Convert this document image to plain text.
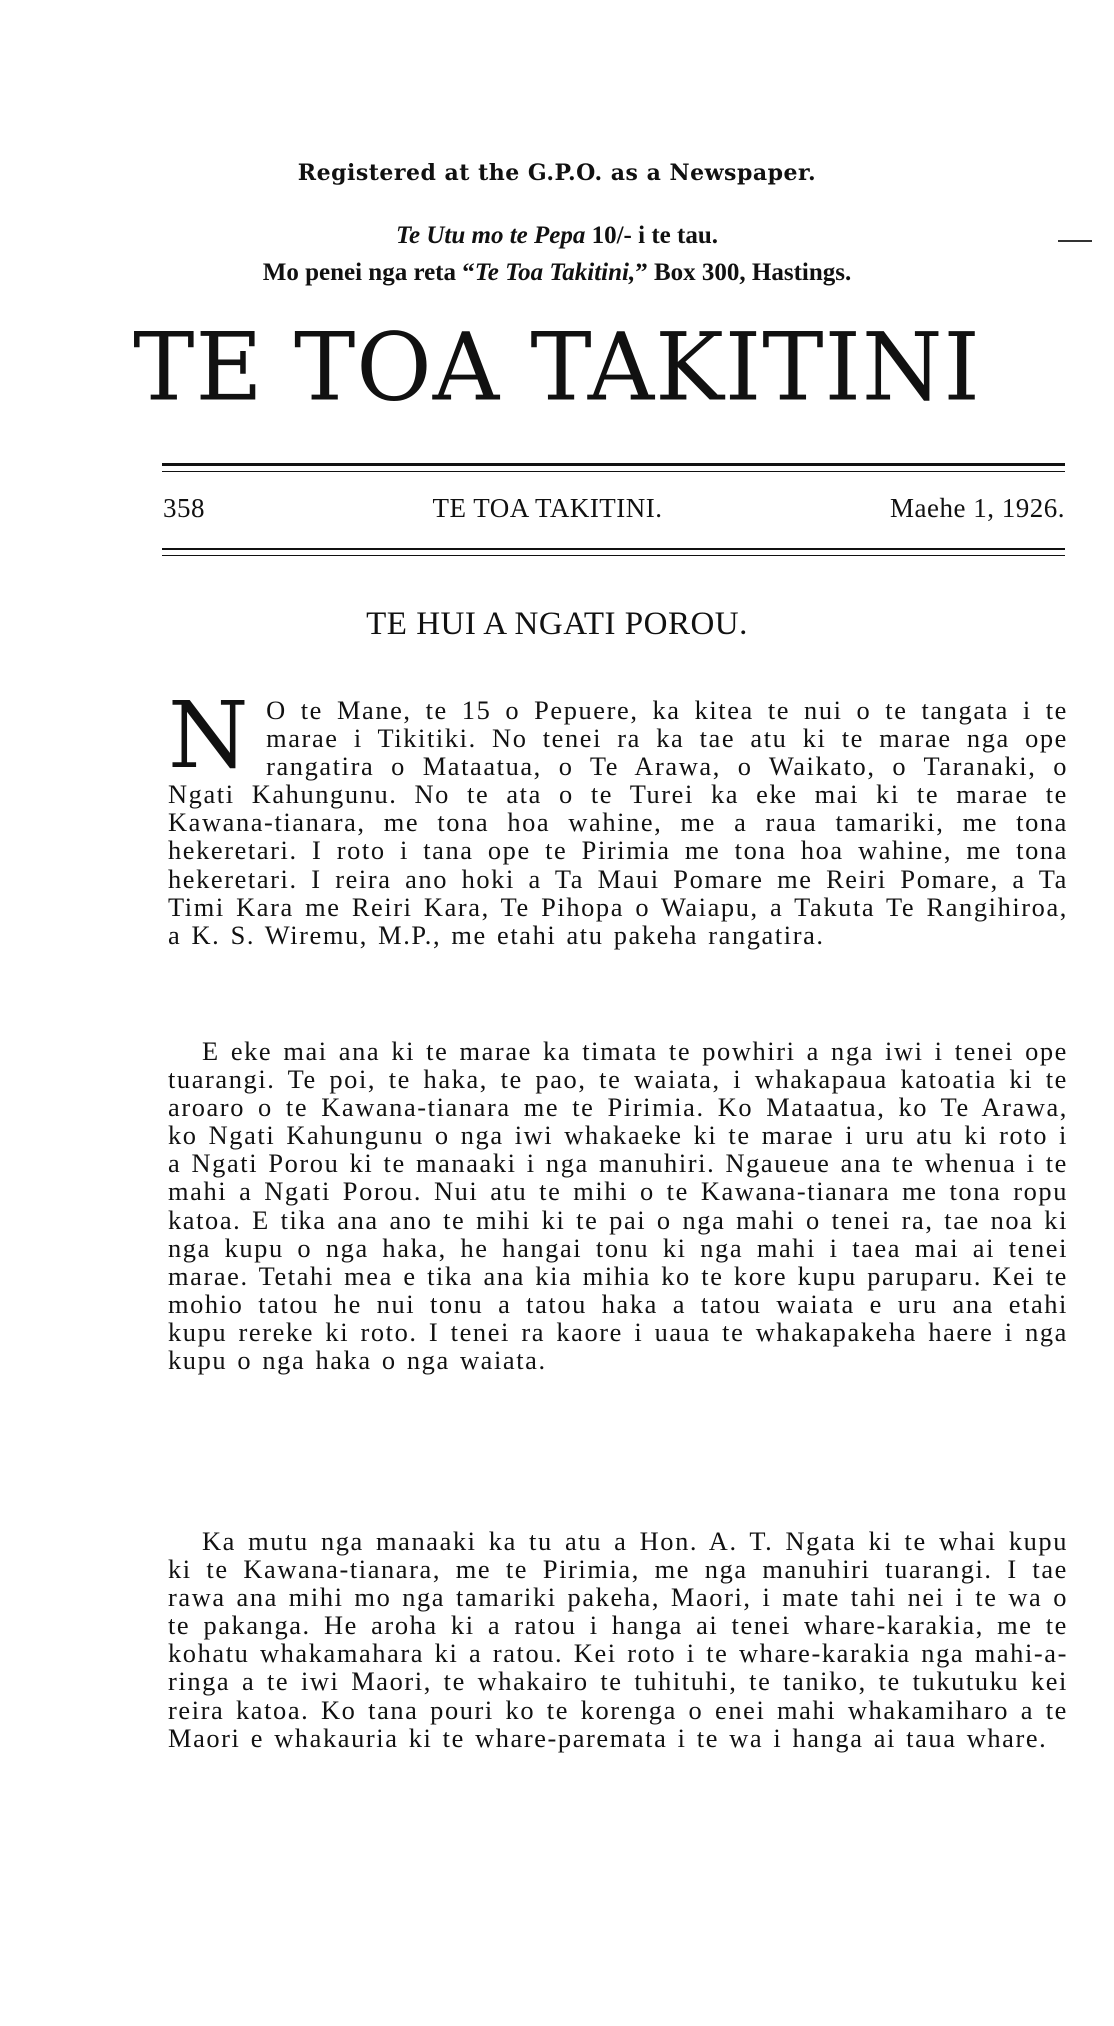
Registered at the G.P.O. as a Newspaper.
Te Utu mo te Pepa 10/- i te tau.
Mo penei nga reta “Te Toa Takitini,” Box 300, Hastings.
TE TOA TAKITINI
358	TE TOA TAKITINI.	Maehe 1, 1926.
TE HUI A NGATI POROU.
N O te Mane, te 15 o Pepuere, ka kitea te nui o te tangata i te marae i Tikitiki. No tenei ra ka tae atu ki te marae nga ope rangatira o Mataatua, o Te Arawa, o Waikato, o Taranaki, o Ngati Kahungunu. No te ata o te Turei ka eke mai ki te marae te Kawana-tianara, me tona hoa wahine, me a raua tamariki, me tona hekeretari. I roto i tana ope te Pirimia me tona hoa wahine, me tona hekeretari. I reira ano hoki a Ta Maui Pomare me Reiri Pomare, a Ta Timi Kara me Reiri Kara, Te Pihopa o Waiapu, a Takuta Te Rangihiroa, a K. S. Wiremu, M.P., me etahi atu pakeha rangatira.
E eke mai ana ki te marae ka timata te powhiri a nga iwi i tenei ope tuarangi. Te poi, te haka, te pao, te waiata, i whakapaua katoatia ki te aroaro o te Kawana-tianara me te Pirimia. Ko Mataatua, ko Te Arawa, ko Ngati Kahungunu o nga iwi whakaeke ki te marae i uru atu ki roto i a Ngati Porou ki te manaaki i nga manuhiri. Ngaueue ana te whenua i te mahi a Ngati Porou. Nui atu te mihi o te Kawana-tianara me tona ropu katoa. E tika ana ano te mihi ki te pai o nga mahi o tenei ra, tae noa ki nga kupu o nga haka, he hangai tonu ki nga mahi i taea mai ai tenei marae. Tetahi mea e tika ana kia mihia ko te kore kupu paruparu. Kei te mohio tatou he nui tonu a tatou haka a tatou waiata e uru ana etahi kupu rereke ki roto. I tenei ra kaore i uaua te whakapakeha haere i nga kupu o nga haka o nga waiata.
Ka mutu nga manaaki ka tu atu a Hon. A. T. Ngata ki te whai kupu ki te Kawana-tianara, me te Pirimia, me nga manuhiri tuarangi. I tae rawa ana mihi mo nga tamariki pakeha, Maori, i mate tahi nei i te wa o te pakanga. He aroha ki a ratou i hanga ai tenei whare-karakia, me te kohatu whakamahara ki a ratou. Kei roto i te whare-karakia nga mahi-a-ringa a te iwi Maori, te whakairo te tuhituhi, te taniko, te tukutuku kei reira katoa. Ko tana pouri ko te korenga o enei mahi whakamiharo a te Maori e whakauria ki te whare-paremata i te wa i hanga ai taua whare.
